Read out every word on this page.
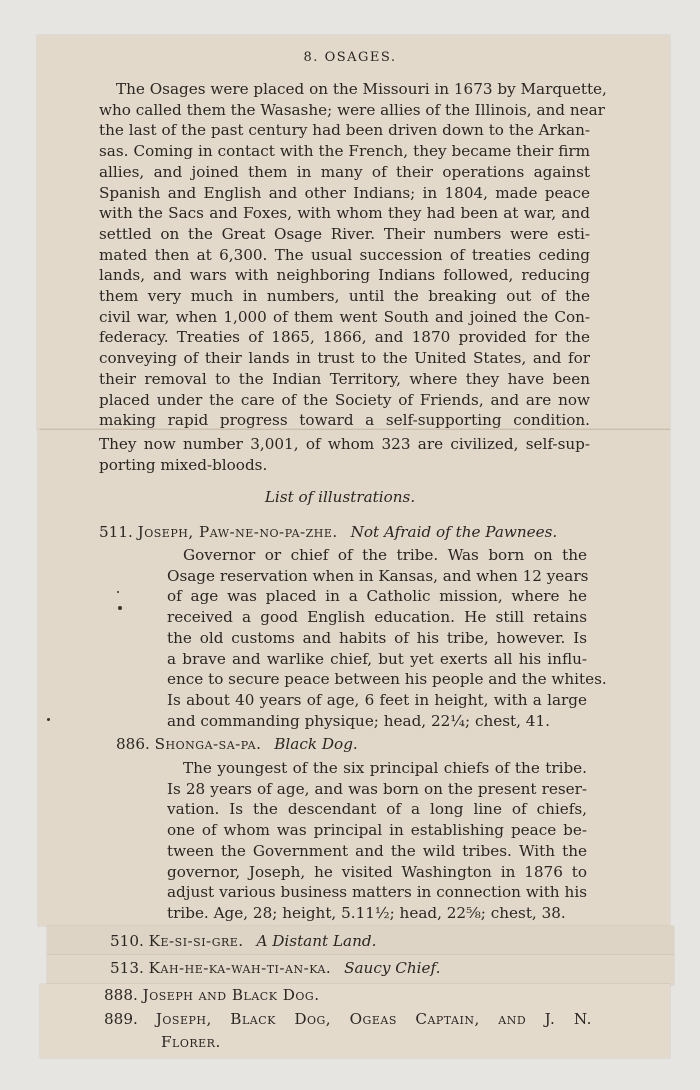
8. OSAGES.
The Osages were placed on the Missouri in 1673 by Marquette,
who called them the Wasashe; were allies of the Illinois, and near
the last of the past century had been driven down to the Arkan-
sas. Coming in contact with the French, they became their firm
allies, and joined them in many of their operations against
Spanish and English and other Indians; in 1804, made peace
with the Sacs and Foxes, with whom they had been at war, and
settled on the Great Osage River. Their numbers were esti-
mated then at 6,300. The usual succession of treaties ceding
lands, and wars with neighboring Indians followed, reducing
them very much in numbers, until the breaking out of the
civil war, when 1,000 of them went South and joined the Con-
federacy. Treaties of 1865, 1866, and 1870 provided for the
conveying of their lands in trust to the United States, and for
their removal to the Indian Territory, where they have been
placed under the care of the Society of Friends, and are now
making rapid progress toward a self-supporting condition.
They now number 3,001, of whom 323 are civilized, self-sup-
porting mixed-bloods.
List of illustrations.
511. Joseph, Paw-ne-no-pa-zhe. Not Afraid of the Pawnees.
Governor or chief of the tribe. Was born on the
Osage reservation when in Kansas, and when 12 years
of age was placed in a Catholic mission, where he
received a good English education. He still retains
the old customs and habits of his tribe, however. Is
a brave and warlike chief, but yet exerts all his influ-
ence to secure peace between his people and the whites.
Is about 40 years of age, 6 feet in height, with a large
and commanding physique; head, 22¼; chest, 41.
886. Shonga-sa-pa. Black Dog.
The youngest of the six principal chiefs of the tribe.
Is 28 years of age, and was born on the present reser-
vation. Is the descendant of a long line of chiefs,
one of whom was principal in establishing peace be-
tween the Government and the wild tribes. With the
governor, Joseph, he visited Washington in 1876 to
adjust various business matters in connection with his
tribe. Age, 28; height, 5.11½; head, 22⅝; chest, 38.
510. Ke-si-si-gre. A Distant Land.
513. Kah-he-ka-wah-ti-an-ka. Saucy Chief.
888. Joseph and Black Dog.
889. Joseph, Black Dog, Ogeas Captain, and J. N.
Florer.
